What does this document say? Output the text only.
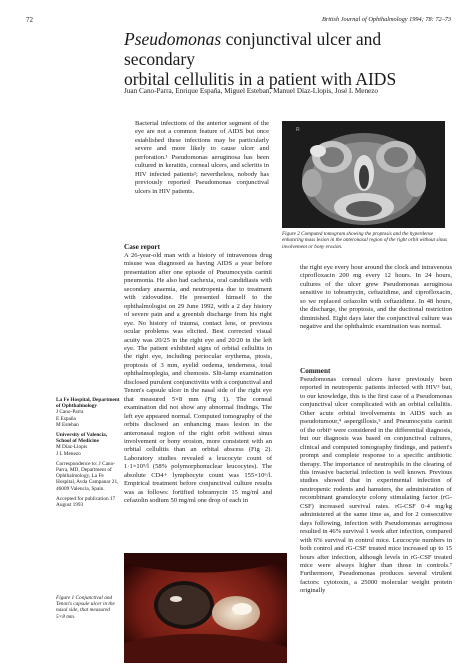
72	British Journal of Ophthalmology 1994; 78: 72–73
Pseudomonas conjunctival ulcer and secondary
orbital cellulitis in a patient with AIDS
Juan Cano-Parra, Enrique España, Miguel Esteban, Manuel Díaz-Llopis, José L Menezo

Bacterial infections of the anterior segment of the eye are not a common feature of AIDS but once established these infections may be particularly severe and more likely to cause ulcer and perforation.¹ Pseudomonas aeruginosa has been cultured in keratitis, corneal ulcers, and scleritis in HIV infected patients²; nevertheless, nobody has previously reported Pseudomonas conjunctival ulcers in HIV patients.

Case report

A 26-year-old man with a history of intravenous drug misuse was diagnosed as having AIDS a year before presentation after one episode of Pneumocystis carinii pneumonia. He also had cachexia, oral candidiasis with secondary anaemia, and neutropenia due to treatment with zidovudine. He presented himself to the ophthalmologist on 29 June 1992, with a 2 day history of severe pain and a greenish discharge from his right eye. No history of trauma, contact lens, or previous ocular problems was elicited. Best corrected visual acuity was 20/25 in the right eye and 20/20 in the left eye. The patient exhibited signs of orbital cellulitis in the right eye, including periocular erythema, ptosis, proptosis of 3 mm, eyelid oedema, tenderness, total ophthalmoplegia, and chemosis. Slit-lamp examination disclosed purulent conjunctivitis with a conjunctival and Tenon's capsule ulcer in the nasal side of the right eye that measured 5×8 mm (Fig 1). The corneal examination did not show any abnormal findings. The left eye appeared normal. Computed tomography of the orbits disclosed an enhancing mass lesion in the anteronasal region of the right orbit without sinus involvement or bony erosion, more consistent with an orbital cellulitis than an orbital abscess (Fig 2). Laboratory studies revealed a leucocyte count of 1·1×10⁹/l (58% polymorphonuclear leucocytes). The absolute CD4+ lymphocyte count was 155×10⁶/l. Empirical treatment before conjunctival culture results was as follows: fortified tobramycin 15 mg/ml and cefazolin sodium 50 mg/ml one drop of each in

R
Figure 2 Computed tomogram showing the proptosis and the hyperdense enhancing mass lesion in the anteronasal region of the right orbit without sinus involvement or bony erosion.

the right eye every hour around the clock and intravenous ciprofloxacin 200 mg every 12 hours. In 24 hours, cultures of the ulcer grew Pseudomonas aeruginosa sensitive to tobramycin, ceftazidime, and ciprofloxacin, so we replaced cefazolin with ceftazidime. In 48 hours, the discharge, the proptosis, and the ductional restriction diminished. Eight days later the conjunctival culture was negative and the ophthalmic examination was normal.

Comment

Pseudomonas corneal ulcers have previously been reported in neutropenic patients infected with HIV³ but, to our knowledge, this is the first case of a Pseudomonas conjunctival ulcer complicated with an orbital cellulitis. Other acute orbital involvements in AIDS such as pseudotumour,⁴ aspergillosis,⁵ and Pneumocystis carinii of the orbit⁶ were considered in the differential diagnosis, but our diagnosis was based on conjunctival cultures, clinical and computed tomography findings, and patient's prompt and complete response to a specific antibiotic therapy. The importance of neutrophils in the clearing of this invasive bacterial infection is well known. Previous studies showed that in experimental infection of neutropenic rodents and hamsters, the administration of recombinant granulocyte colony stimulating factor (rG-CSF) increased survival rates. rG-CSF 0·4 mg/kg administered at the same time as, and for 2 consecutive days following, infection with Pseudomonas aeruginosa resulted in 46% survival 1 week after infection, compared with 6% survival in control mice. Leucocyte numbers in both control and rG-CSF treated mice increased up to 15 hours after infection, although levels in rG-CSF treated mice were always higher than those in controls.⁷ Furthermore, Pseudomonas produces several virulent factors: cytotoxin, a 25000 molecular weight protein originally

La Fe Hospital, Department of Ophthalmology
J Cano-Parra
E España
M Esteban
University of Valencia, School of Medicine
M Díaz-Llopis
J L Menezo
Correspondence to: J Cano-Parra, MD, Department of Ophthalmology, La Fe Hospital, Avda Campanar 21, 46009 Valencia, Spain.
Accepted for publication 17 August 1993
Figure 1 Conjunctival and Tenon's capsule ulcer in the nasal side, that measured 5×8 mm.
